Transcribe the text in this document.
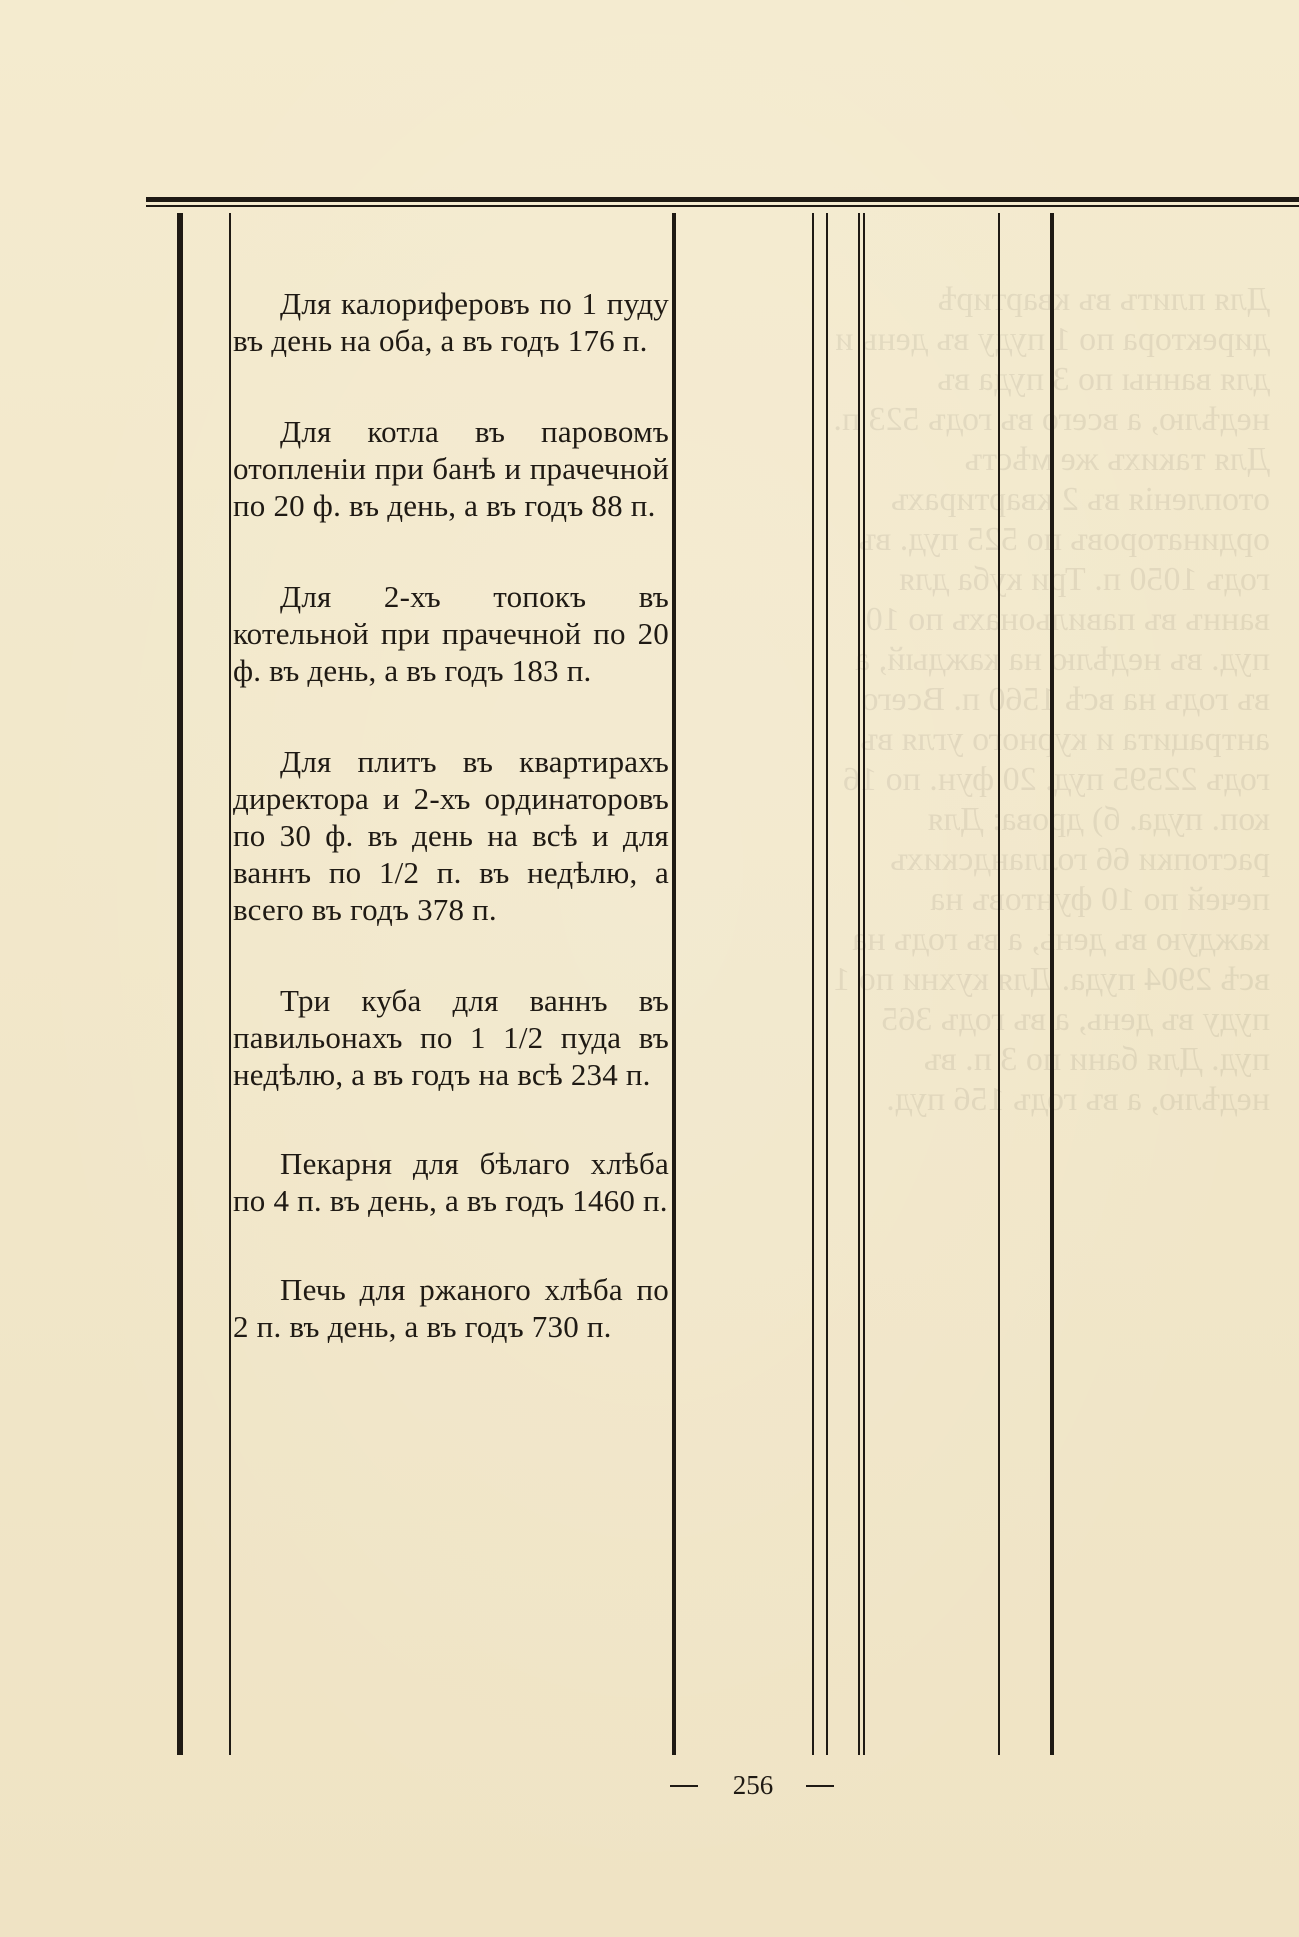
Для плитъ въ квартирѣ директора по 1 пуду въ день и для ванны по 3 пуда въ недѣлю, а всего въ годъ 523 п. Для такихъ же мѣстъ отопленія въ 2 квартирахъ ординаторовъ по 525 пуд. въ годъ 1050 п. Три куба для ваннъ въ павильонахъ по 10 пуд. въ недѣлю на каждый, въ годъ на всѣ 1560 п. Всего антрацита и курного угля въ годъ 22595 пуд. 20 фун. по 16 коп. пуда. б) дрова: Для растопки 66 голландскихъ печей по 10 фунтовъ на каждую въ день, а въ годъ на всѣ 2904 пуда. Для кухни по 1 пуду въ день, а въ годъ 365 пуд. Для бани по 3 п. въ недѣлю, а въ годъ 156 пуд.

Для калориферовъ по 1 пуду въ день на оба, а въ годъ 176 п.

Для котла въ паровомъ отопленіи при банѣ и прачечной по 20 ф. въ день, а въ годъ 88 п.

Для 2-хъ топокъ въ котельной при прачечной по 20 ф. въ день, а въ годъ 183 п.

Для плитъ въ квартирахъ директора и 2-хъ ординаторовъ по 30 ф. въ день на всѣ и для ваннъ по 1/2 п. въ недѣлю, а всего въ годъ 378 п.

Три куба для ваннъ въ павильонахъ по 1 1/2 пуда въ недѣлю, а въ годъ на всѣ 234 п.

Пекарня для бѣлаго хлѣба по 4 п. въ день, а въ годъ 1460 п.

Печь для ржаного хлѣба по 2 п. въ день, а въ годъ 730 п.

256
